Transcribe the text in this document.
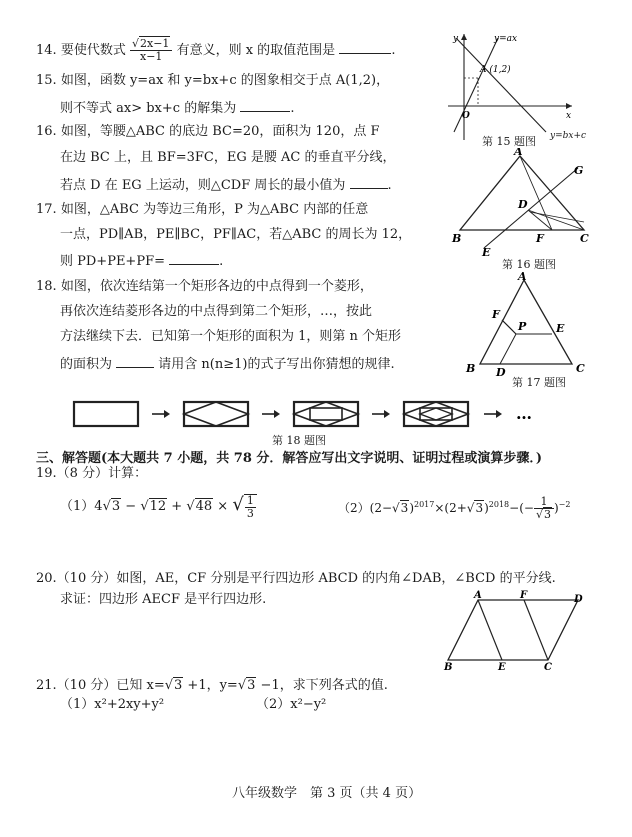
14. 要使代数式 $\frac{√2x-1}{x-1}$ 有意义，则 x 的取值范围是	.
15. 如图，函数 y=ax 和 y=bx+c 的图象相交于点 A(1,2)，
则不等式 ax> bx+c 的解集为	.
16. 如图，等腰△ABC 的底边 BC=20，面积为 120，点 F
在边 BC 上，且 BF=3FC，EG 是腰 AC 的垂直平分线，
若点 D 在 EG 上运动，则△CDF 周长的最小值为	.
17. 如图，△ABC 为等边三角形，P 为△ABC 内部的任意
一点，PD∥AB，PE∥BC，PF∥AC，若△ABC 的周长为 12，
则 PD+PE+PF=	.
18. 如图，依次连结第一个矩形各边的中点得到一个菱形，
再依次连结菱形各边的中点得到第二个矩形，…，按此
方法继续下去．已知第一个矩形的面积为 1，则第 n 个矩形
的面积为	请用含 n(n≥1)的式子写出你猜想的规律.
y	y=ax
A (1,2)
O	x
第 15 题图 y=bx+c
A
B	C
D
E
F
G
第 16 题图
A
B	C
D
E
F
P
第 17 题图
…
第 18 题图
三、解答题(本大题共 7 小题，共 78 分．解答应写出文字说明、证明过程或演算步骤．)
19.（8 分）计算：
（1）4√3 − √12 + √48 × √ $\frac{1}{3}$	$(2)(2-√3)^{2017}\times(2+√3)^{2018}-(- \frac{1}{√3} )^{-2}$
20.（10 分）如图，AE，CF 分别是平行四边形 ABCD 的内角∠DAB，∠BCD 的平分线.
求证：四边形 AECF 是平行四边形.	A	F	D
B	E	C
21.（10 分）已知 x=√3 +1，y=√3 −1，求下列各式的值.
（1）x²+2xy+y²	（2）x²−y²
八年级数学　第 3 页（共 4 页）
